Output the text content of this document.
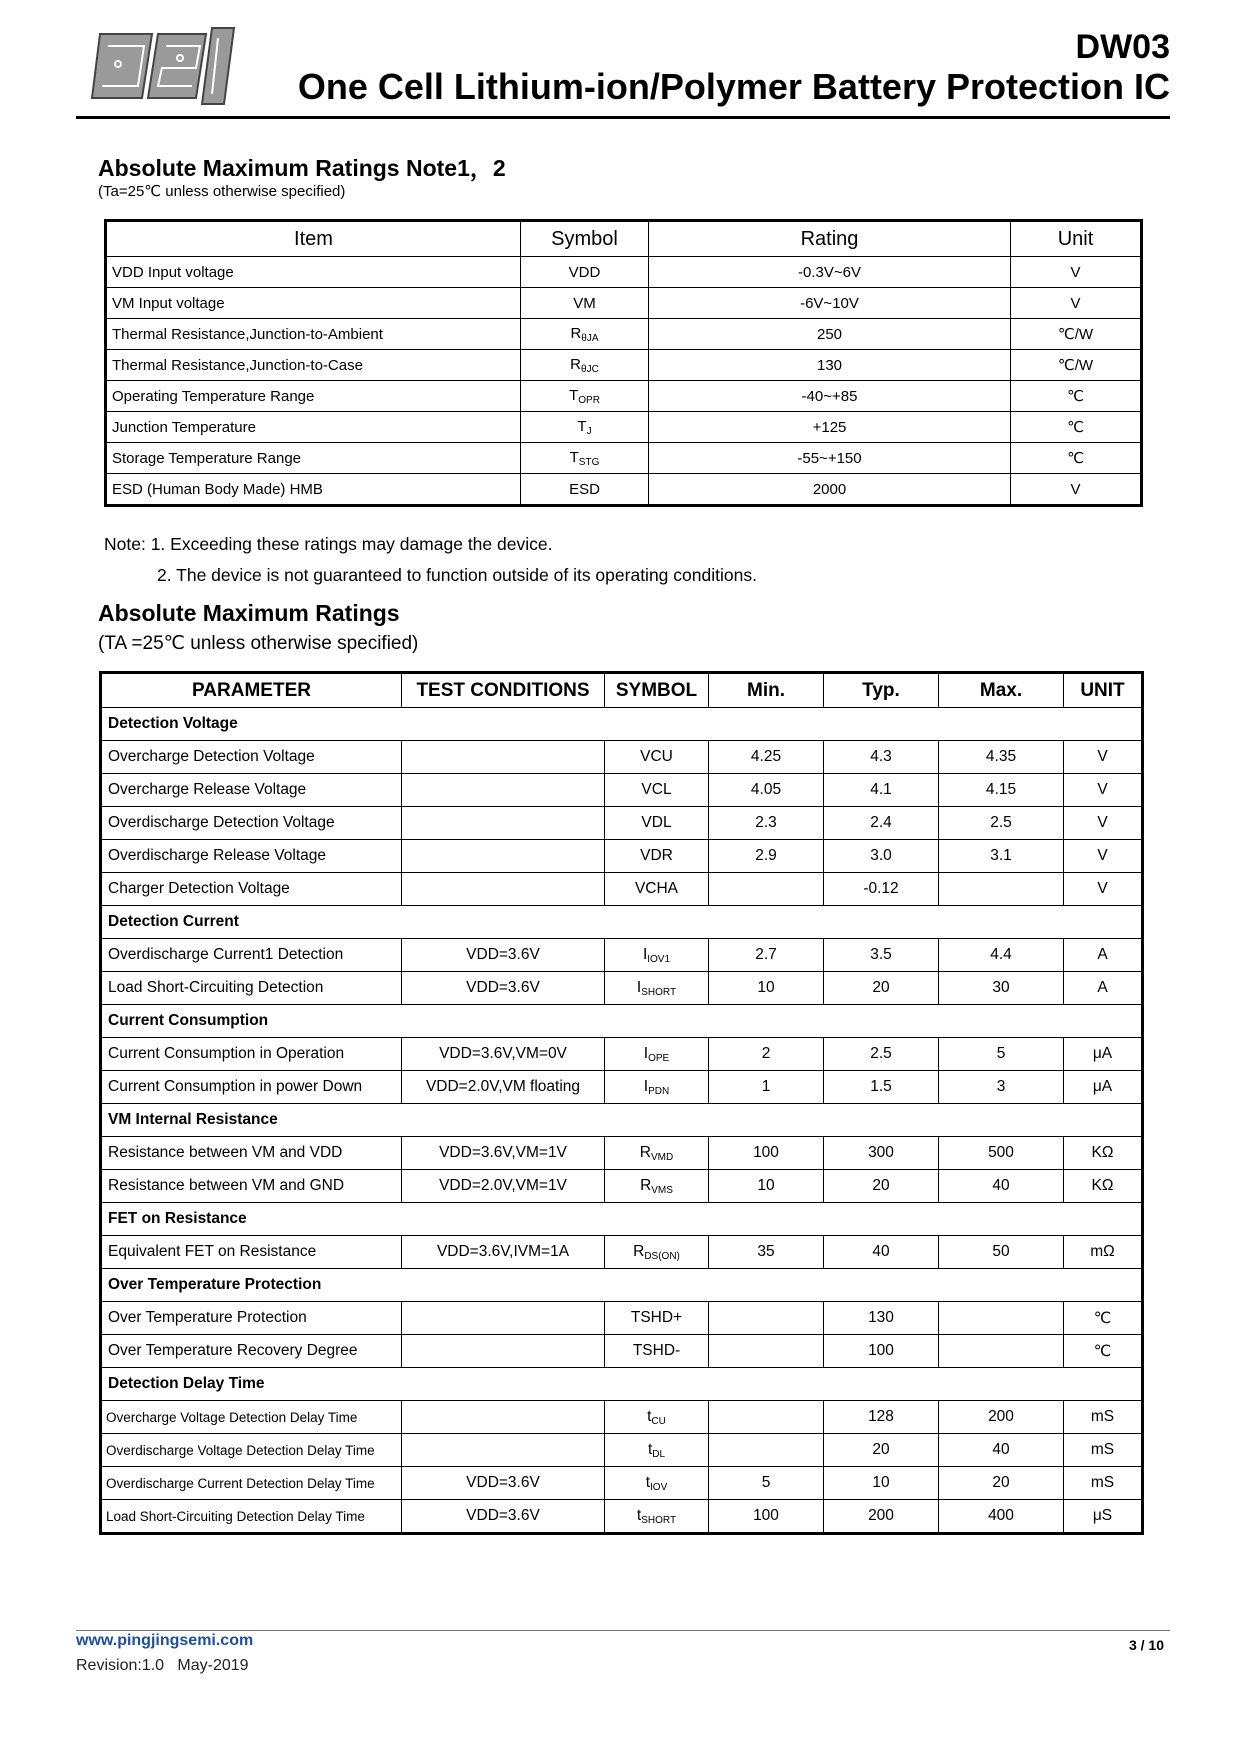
DW03
One Cell Lithium-ion/Polymer Battery Protection IC
Absolute Maximum Ratings Note1，2
(Ta=25℃ unless otherwise specified)
Item	Symbol	Rating	Unit
VDD Input voltage	VDD	-0.3V~6V	V
VM Input voltage	VM	-6V~10V	V
Thermal Resistance,Junction-to-Ambient	$R_{\theta JA}$	250	℃/W
Thermal Resistance,Junction-to-Case	$R_{\theta JC}$	130	℃/W
Operating Temperature Range	$T_{OPR}$	-40~+85	℃
Junction Temperature	$T_J$	+125	℃
Storage Temperature Range	$T_{STG}$	-55~+150	℃
ESD (Human Body Made) HMB	ESD	2000	V
Note: 1. Exceeding these ratings may damage the device.
2. The device is not guaranteed to function outside of its operating conditions.
Absolute Maximum Ratings
(TA =25℃ unless otherwise specified)
PARAMETER	TEST CONDITIONS	SYMBOL	Min.	Typ.	Max.	UNIT
Detection Voltage						
Overcharge Detection Voltage		VCU	4.25	4.3	4.35	V
Overcharge Release Voltage		VCL	4.05	4.1	4.15	V
Overdischarge Detection Voltage		VDL	2.3	2.4	2.5	V
Overdischarge Release Voltage		VDR	2.9	3.0	3.1	V
Charger Detection Voltage		VCHA		-0.12		V
Detection Current						
Overdischarge Current1 Detection	VDD=3.6V	$I_{IOV1}$	2.7	3.5	4.4	A
Load Short-Circuiting Detection	VDD=3.6V	$I_{SHORT}$	10	20	30	A
Current Consumption						
Current Consumption in Operation	VDD=3.6V,VM=0V	$I_{OPE}$	2	2.5	5	μA
Current Consumption in power Down	VDD=2.0V,VM floating	$I_{PDN}$	1	1.5	3	μA
VM Internal Resistance						
Resistance between VM and VDD	VDD=3.6V,VM=1V	$R_{VMD}$	100	300	500	KΩ
Resistance between VM and GND	VDD=2.0V,VM=1V	$R_{VMS}$	10	20	40	KΩ
FET on Resistance						
Equivalent FET on Resistance	VDD=3.6V,IVM=1A	$R_{DS(ON)}$	35	40	50	mΩ
Over Temperature Protection						
Over Temperature Protection		TSHD+		130		℃
Over Temperature Recovery Degree		TSHD-		100		℃
Detection Delay Time						
Overcharge Voltage Detection Delay Time		$t_{CU}$		128	200	mS
Overdischarge Voltage Detection Delay Time		$t_{DL}$		20	40	mS
Overdischarge Current Detection Delay Time	VDD=3.6V	$t_{IOV}$	5	10	20	mS
Load Short-Circuiting Detection Delay Time	VDD=3.6V	$t_{SHORT}$	100	200	400	μS
www.pingjingsemi.com	3 / 10
Revision:1.0 May-2019
